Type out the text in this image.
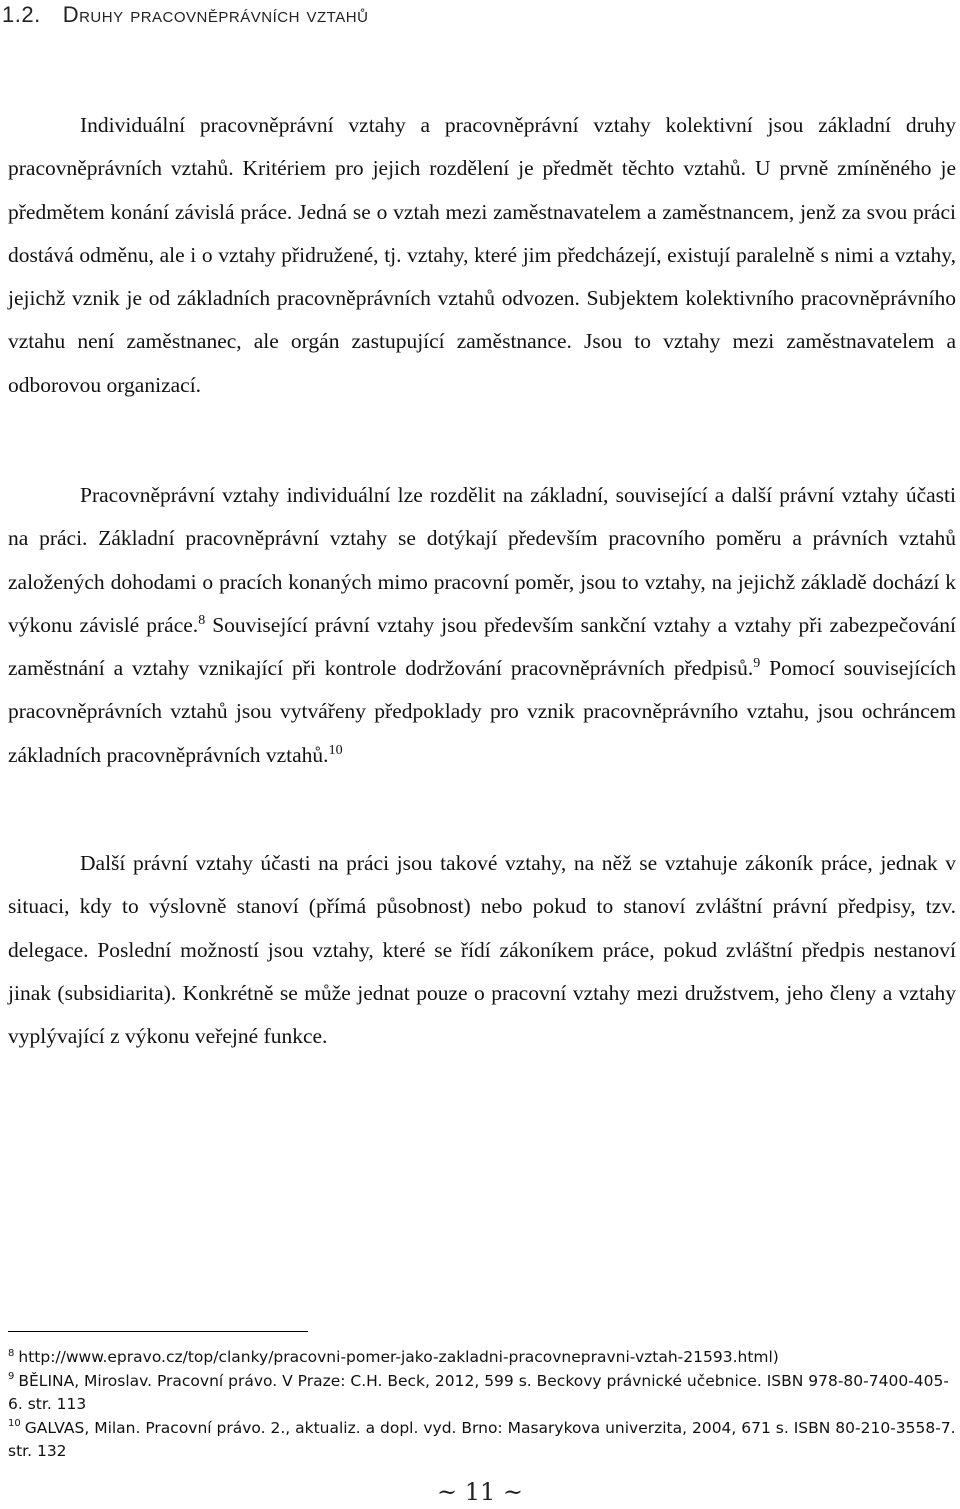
1.2. Druhy pracovněprávních vztahů

Individuální pracovněprávní vztahy a pracovněprávní vztahy kolektivní jsou základní druhy pracovněprávních vztahů. Kritériem pro jejich rozdělení je předmět těchto vztahů. U prvně zmíněného je předmětem konání závislá práce. Jedná se o vztah mezi zaměstnavatelem a zaměstnancem, jenž za svou práci dostává odměnu, ale i o vztahy přidružené, tj. vztahy, které jim předcházejí, existují paralelně s nimi a vztahy, jejichž vznik je od základních pracovněprávních vztahů odvozen. Subjektem kolektivního pracovněprávního vztahu není zaměstnanec, ale orgán zastupující zaměstnance. Jsou to vztahy mezi zaměstnavatelem a odborovou organizací.

Pracovněprávní vztahy individuální lze rozdělit na základní, související a další právní vztahy účasti na práci. Základní pracovněprávní vztahy se dotýkají především pracovního poměru a právních vztahů založených dohodami o pracích konaných mimo pracovní poměr, jsou to vztahy, na jejichž základě dochází k výkonu závislé práce.$^8$ Související právní vztahy jsou především sankční vztahy a vztahy při zabezpečování zaměstnání a vztahy vznikající při kontrole dodržování pracovněprávních předpisů.$^9$ Pomocí souvisejících pracovněprávních vztahů jsou vytvářeny předpoklady pro vznik pracovněprávního vztahu, jsou ochráncem základních pracovněprávních vztahů.$^{10}$

Další právní vztahy účasti na práci jsou takové vztahy, na něž se vztahuje zákoník práce, jednak v situaci, kdy to výslovně stanoví (přímá působnost) nebo pokud to stanoví zvláštní právní předpisy, tzv. delegace. Poslední možností jsou vztahy, které se řídí zákoníkem práce, pokud zvláštní předpis nestanoví jinak (subsidiarita). Konkrétně se může jednat pouze o pracovní vztahy mezi družstvem, jeho členy a vztahy vyplývající z výkonu veřejné funkce.

$^8$ http://www.epravo.cz/top/clanky/pracovni-pomer-jako-zakladni-pracovnepravni-vztah-21593.html)

$^9$ BĚLINA, Miroslav. Pracovní právo. V Praze: C.H. Beck, 2012, 599 s. Beckovy právnické učebnice. ISBN 978-80-7400-405-6. str. 113

$^{10}$ GALVAS, Milan. Pracovní právo. 2., aktualiz. a dopl. vyd. Brno: Masarykova univerzita, 2004, 671 s. ISBN 80-210-3558-7. str. 132

~ 11 ~
